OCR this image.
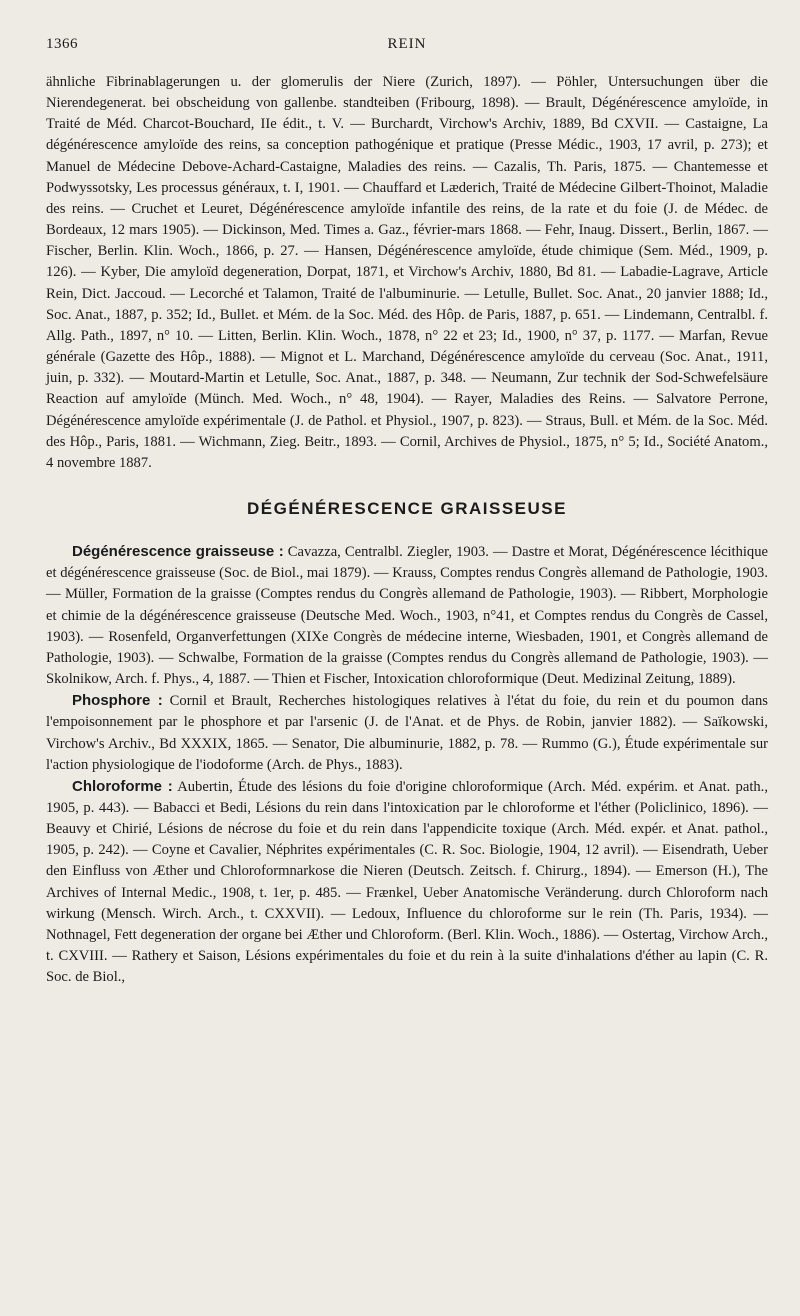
1366	REIN

ähnliche Fibrinablagerungen u. der glomerulis der Niere (Zurich, 1897). — Pöhler, Untersuchungen über die Nierendegenerat. bei obscheidung von gallenbe. standteiben (Fribourg, 1898). — Brault, Dégénérescence amyloïde, in Traité de Méd. Charcot-Bouchard, IIe édit., t. V. — Burchardt, Virchow's Archiv, 1889, Bd CXVII. — Castaigne, La dégénérescence amyloïde des reins, sa conception pathogénique et pratique (Presse Médic., 1903, 17 avril, p. 273); et Manuel de Médecine Debove-Achard-Castaigne, Maladies des reins. — Cazalis, Th. Paris, 1875. — Chantemesse et Podwyssotsky, Les processus généraux, t. I, 1901. — Chauffard et Læderich, Traité de Médecine Gilbert-Thoinot, Maladie des reins. — Cruchet et Leuret, Dégénérescence amyloïde infantile des reins, de la rate et du foie (J. de Médec. de Bordeaux, 12 mars 1905). — Dickinson, Med. Times a. Gaz., février-mars 1868. — Fehr, Inaug. Dissert., Berlin, 1867. — Fischer, Berlin. Klin. Woch., 1866, p. 27. — Hansen, Dégénérescence amyloïde, étude chimique (Sem. Méd., 1909, p. 126). — Kyber, Die amyloïd degeneration, Dorpat, 1871, et Virchow's Archiv, 1880, Bd 81. — Labadie-Lagrave, Article Rein, Dict. Jaccoud. — Lecorché et Talamon, Traité de l'albuminurie. — Letulle, Bullet. Soc. Anat., 20 janvier 1888; Id., Soc. Anat., 1887, p. 352; Id., Bullet. et Mém. de la Soc. Méd. des Hôp. de Paris, 1887, p. 651. — Lindemann, Centralbl. f. Allg. Path., 1897, n° 10. — Litten, Berlin. Klin. Woch., 1878, n° 22 et 23; Id., 1900, n° 37, p. 1177. — Marfan, Revue générale (Gazette des Hôp., 1888). — Mignot et L. Marchand, Dégénérescence amyloïde du cerveau (Soc. Anat., 1911, juin, p. 332). — Moutard-Martin et Letulle, Soc. Anat., 1887, p. 348. — Neumann, Zur technik der Sod-Schwefelsäure Reaction auf amyloïde (Münch. Med. Woch., n° 48, 1904). — Rayer, Maladies des Reins. — Salvatore Perrone, Dégénérescence amyloïde expérimentale (J. de Pathol. et Physiol., 1907, p. 823). — Straus, Bull. et Mém. de la Soc. Méd. des Hôp., Paris, 1881. — Wichmann, Zieg. Beitr., 1893. — Cornil, Archives de Physiol., 1875, n° 5; Id., Société Anatom., 4 novembre 1887.

DÉGÉNÉRESCENCE GRAISSEUSE

Dégénérescence graisseuse : Cavazza, Centralbl. Ziegler, 1903. — Dastre et Morat, Dégénérescence lécithique et dégénérescence graisseuse (Soc. de Biol., mai 1879). — Krauss, Comptes rendus Congrès allemand de Pathologie, 1903. — Müller, Formation de la graisse (Comptes rendus du Congrès allemand de Pathologie, 1903). — Ribbert, Morphologie et chimie de la dégénérescence graisseuse (Deutsche Med. Woch., 1903, n°41, et Comptes rendus du Congrès de Cassel, 1903). — Rosenfeld, Organverfettungen (XIXe Congrès de médecine interne, Wiesbaden, 1901, et Congrès allemand de Pathologie, 1903). — Schwalbe, Formation de la graisse (Comptes rendus du Congrès allemand de Pathologie, 1903). — Skolnikow, Arch. f. Phys., 4, 1887. — Thien et Fischer, Intoxication chloroformique (Deut. Medizinal Zeitung, 1889).

Phosphore : Cornil et Brault, Recherches histologiques relatives à l'état du foie, du rein et du poumon dans l'empoisonnement par le phosphore et par l'arsenic (J. de l'Anat. et de Phys. de Robin, janvier 1882). — Saïkowski, Virchow's Archiv., Bd XXXIX, 1865. — Senator, Die albuminurie, 1882, p. 78. — Rummo (G.), Étude expérimentale sur l'action physiologique de l'iodoforme (Arch. de Phys., 1883).

Chloroforme : Aubertin, Étude des lésions du foie d'origine chloroformique (Arch. Méd. expérim. et Anat. path., 1905, p. 443). — Babacci et Bedi, Lésions du rein dans l'intoxication par le chloroforme et l'éther (Policlinico, 1896). — Beauvy et Chirié, Lésions de nécrose du foie et du rein dans l'appendicite toxique (Arch. Méd. expér. et Anat. pathol., 1905, p. 242). — Coyne et Cavalier, Néphrites expérimentales (C. R. Soc. Biologie, 1904, 12 avril). — Eisendrath, Ueber den Einfluss von Æther und Chloroformnarkose die Nieren (Deutsch. Zeitsch. f. Chirurg., 1894). — Emerson (H.), The Archives of Internal Medic., 1908, t. 1er, p. 485. — Frænkel, Ueber Anatomische Veränderung. durch Chloroform nach wirkung (Mensch. Wirch. Arch., t. CXXVII). — Ledoux, Influence du chloroforme sur le rein (Th. Paris, 1934). — Nothnagel, Fett degeneration der organe bei Æther und Chloroform. (Berl. Klin. Woch., 1886). — Ostertag, Virchow Arch., t. CXVIII. — Rathery et Saison, Lésions expérimentales du foie et du rein à la suite d'inhalations d'éther au lapin (C. R. Soc. de Biol.,
